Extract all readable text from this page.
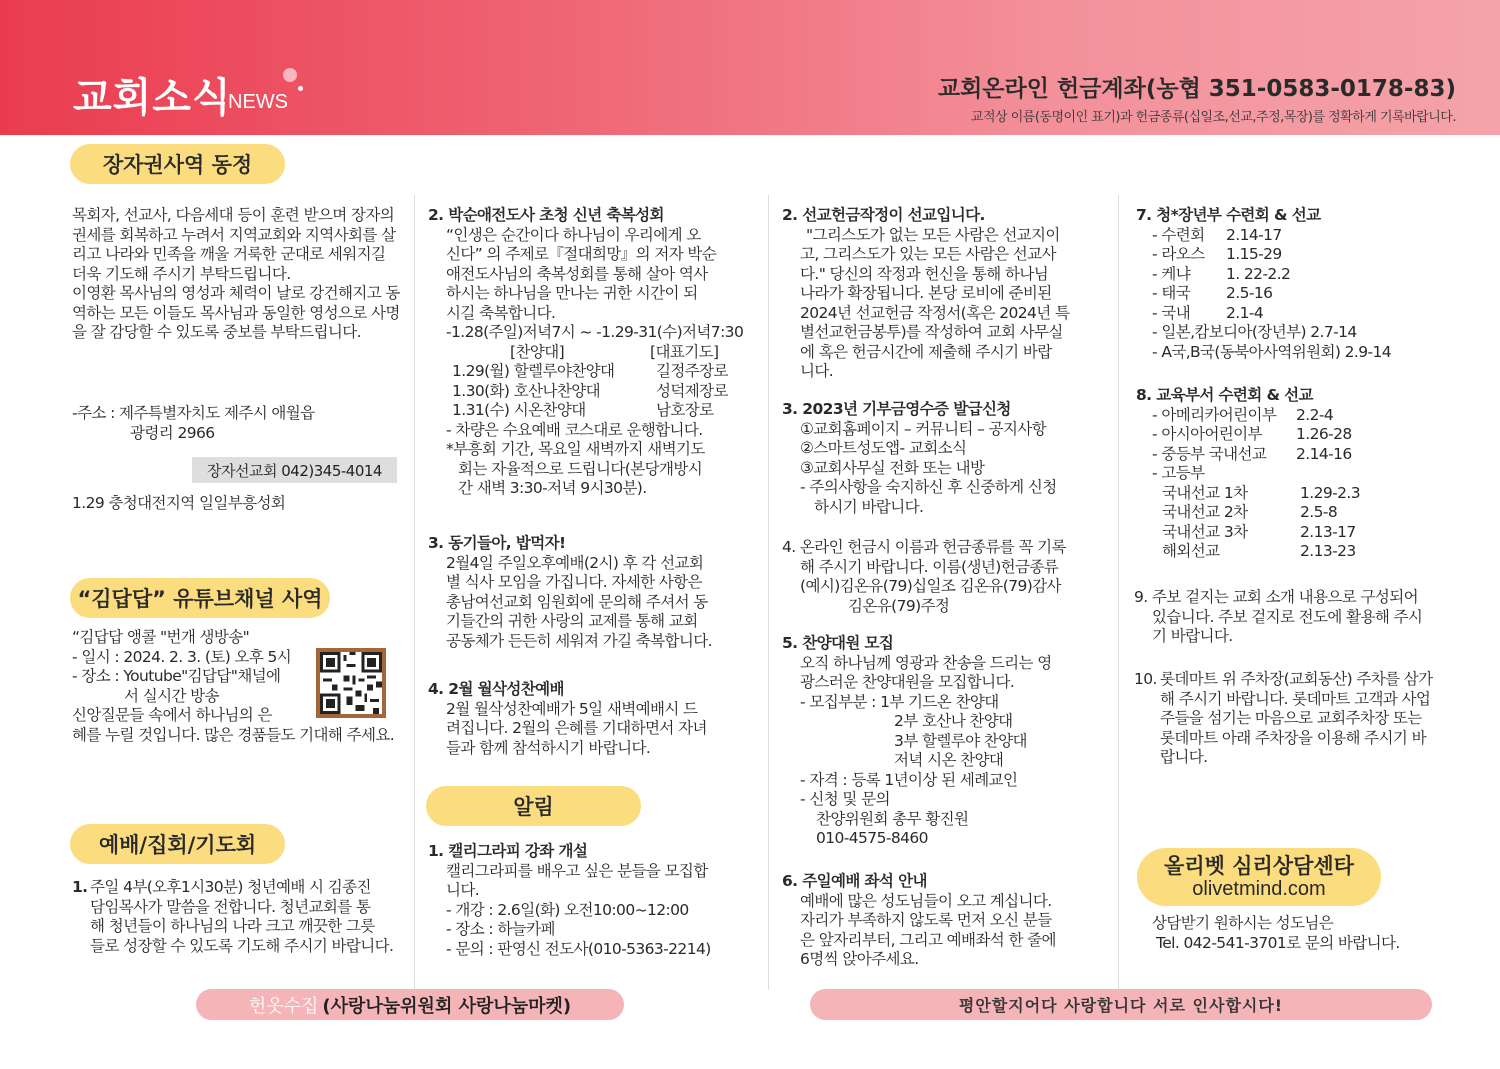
교회소식
NEWS	교회온라인 헌금계좌(농협 351-0583-0178-83)
교적상 이름(동명이인 표기)과 헌금종류(십일조,선교,주정,목장)를 정확하게 기록바랍니다.
장자권사역 동정

목회자, 선교사, 다음세대 등이 훈련 받으며 장자의 권세를 회복하고 누려서 지역교회와 지역사회를 살리고 나라와 민족을 깨울 거룩한 군대로 세워지길 더욱 기도해 주시기 부탁드립니다.

이영환 목사님의 영성과 체력이 날로 강건해지고 동역하는 모든 이들도 목사님과 동일한 영성으로 사명을 잘 감당할 수 있도록 중보를 부탁드립니다.

-주소 : 제주특별자치도 제주시 애월읍

광령리 2966

장자선교회 042)345-4014
1.29 충청대전지역 일일부흥성회
“김답답” 유튜브채널 사역

“김답답 앵콜 "번개 생방송"

- 일시 : 2024. 2. 3. (토) 오후 5시

- 장소 : Youtube"김답답"채널에

서 실시간 방송

신앙질문들 속에서 하나님의 은

혜를 누릴 것입니다. 많은 경품들도 기대해 주세요.

예배/집회/기도회
1. 주일 4부(오후1시30분) 청년예배 시 김종진

담임목사가 말씀을 전합니다. 청년교회를 통

해 청년들이 하나님의 나라 크고 깨끗한 그릇

들로 성장할 수 있도록 기도해 주시기 바랍니다.

2. 박순애전도사 초청 신년 축복성회

“인생은 순간이다 하나님이 우리에게 오

신다” 의 주제로『절대희망』의 저자 박순

애전도사님의 축복성회를 통해 살아 역사

하시는 하나님을 만나는 귀한 시간이 되

시길 축복합니다.

-1.28(주일)저녁7시 ~ -1.29-31(수)저녁7:30

[찬양대]	[대표기도]
1.29(월) 할렐루야찬양대	길정주장로
1.30(화) 호산나찬양대	성덕제장로
1.31(수) 시온찬양대	남호장로

- 차량은 수요예배 코스대로 운행합니다.

*부흥회 기간, 목요일 새벽까지 새벽기도

회는 자율적으로 드립니다(본당개방시

간 새벽 3:30-저녁 9시30분).

3. 동기들아, 밥먹자!

2월4일 주일오후예배(2시) 후 각 선교회

별 식사 모임을 가집니다. 자세한 사항은

총남여선교회 임원회에 문의해 주셔서 동

기들간의 귀한 사랑의 교제를 통해 교회

공동체가 든든히 세워져 가길 축복합니다.

4. 2월 월삭성찬예배

2월 월삭성찬예배가 5일 새벽예배시 드

려집니다. 2월의 은혜를 기대하면서 자녀

들과 함께 참석하시기 바랍니다.

알림

1. 캘리그라피 강좌 개설

캘리그라피를 배우고 싶은 분들을 모집합

니다.

- 개강 : 2.6일(화) 오전10:00~12:00

- 장소 : 하늘카페

- 문의 : 판영신 전도사(010-5363-2214)

2. 선교헌금작정이 선교입니다.

"그리스도가 없는 모든 사람은 선교지이

고, 그리스도가 있는 모든 사람은 선교사

다." 당신의 작정과 헌신을 통해 하나님

나라가 확장됩니다. 본당 로비에 준비된

2024년 선교헌금 작정서(혹은 2024년 특

별선교헌금봉투)를 작성하여 교회 사무실

에 혹은 헌금시간에 제출해 주시기 바랍

니다.

3. 2023년 기부금영수증 발급신청

①교회홈페이지 – 커뮤니티 – 공지사항

②스마트성도앱- 교회소식

③교회사무실 전화 또는 내방

- 주의사항을 숙지하신 후 신중하게 신청

하시기 바랍니다.

4. 온라인 헌금시 이름과 헌금종류를 꼭 기록

해 주시기 바랍니다. 이름(생년)헌금종류

(예시)김온유(79)십일조 김온유(79)감사

김온유(79)주정

5. 찬양대원 모집

오직 하나님께 영광과 찬송을 드리는 영

광스러운 찬양대원을 모집합니다.

- 모집부분 : 1부 기드온 찬양대

2부 호산나 찬양대

3부 할렐루야 찬양대

저녁 시온 찬양대

- 자격 : 등록 1년이상 된 세례교인

- 신청 및 문의

찬양위원회 총무 황진원

010-4575-8460

6. 주일예배 좌석 안내

예배에 많은 성도님들이 오고 계십니다.

자리가 부족하지 않도록 먼저 오신 분들

은 앞자리부터, 그리고 예배좌석 한 줄에

6명씩 앉아주세요.

7. 청*장년부 수련회 & 선교

- 수련회	2.14-17
- 라오스	1.15-29
- 케냐	1. 22-2.2
- 태국	2.5-16
- 국내	2.1-4

- 일본,캄보디아(장년부) 2.7-14

- A국,B국(동북아사역위원회) 2.9-14

8. 교육부서 수련회 & 선교

- 아메리카어린이부	2.2-4
- 아시아어린이부	1.26-28
- 중등부 국내선교	2.14-16

- 고등부

국내선교 1차	1.29-2.3
국내선교 2차	2.5-8
국내선교 3차	2.13-17
해외선교	2.13-23
9. 주보 겉지는 교회 소개 내용으로 구성되어

있습니다. 주보 겉지로 전도에 활용해 주시

기 바랍니다.

10. 롯데마트 위 주차장(교회동산) 주차를 삼가

해 주시기 바랍니다. 롯데마트 고객과 사업

주들을 섬기는 마음으로 교회주차장 또는

롯데마트 아래 주차장을 이용해 주시기 바

랍니다.

올리벳 심리상담센타
olivetmind.com

상담받기 원하시는 성도님은

Tel. 042-541-3701로 문의 바랍니다.

헌옷수집 (사랑나눔위원회 사랑나눔마켓)	평안할지어다 사랑합니다 서로 인사합시다!
